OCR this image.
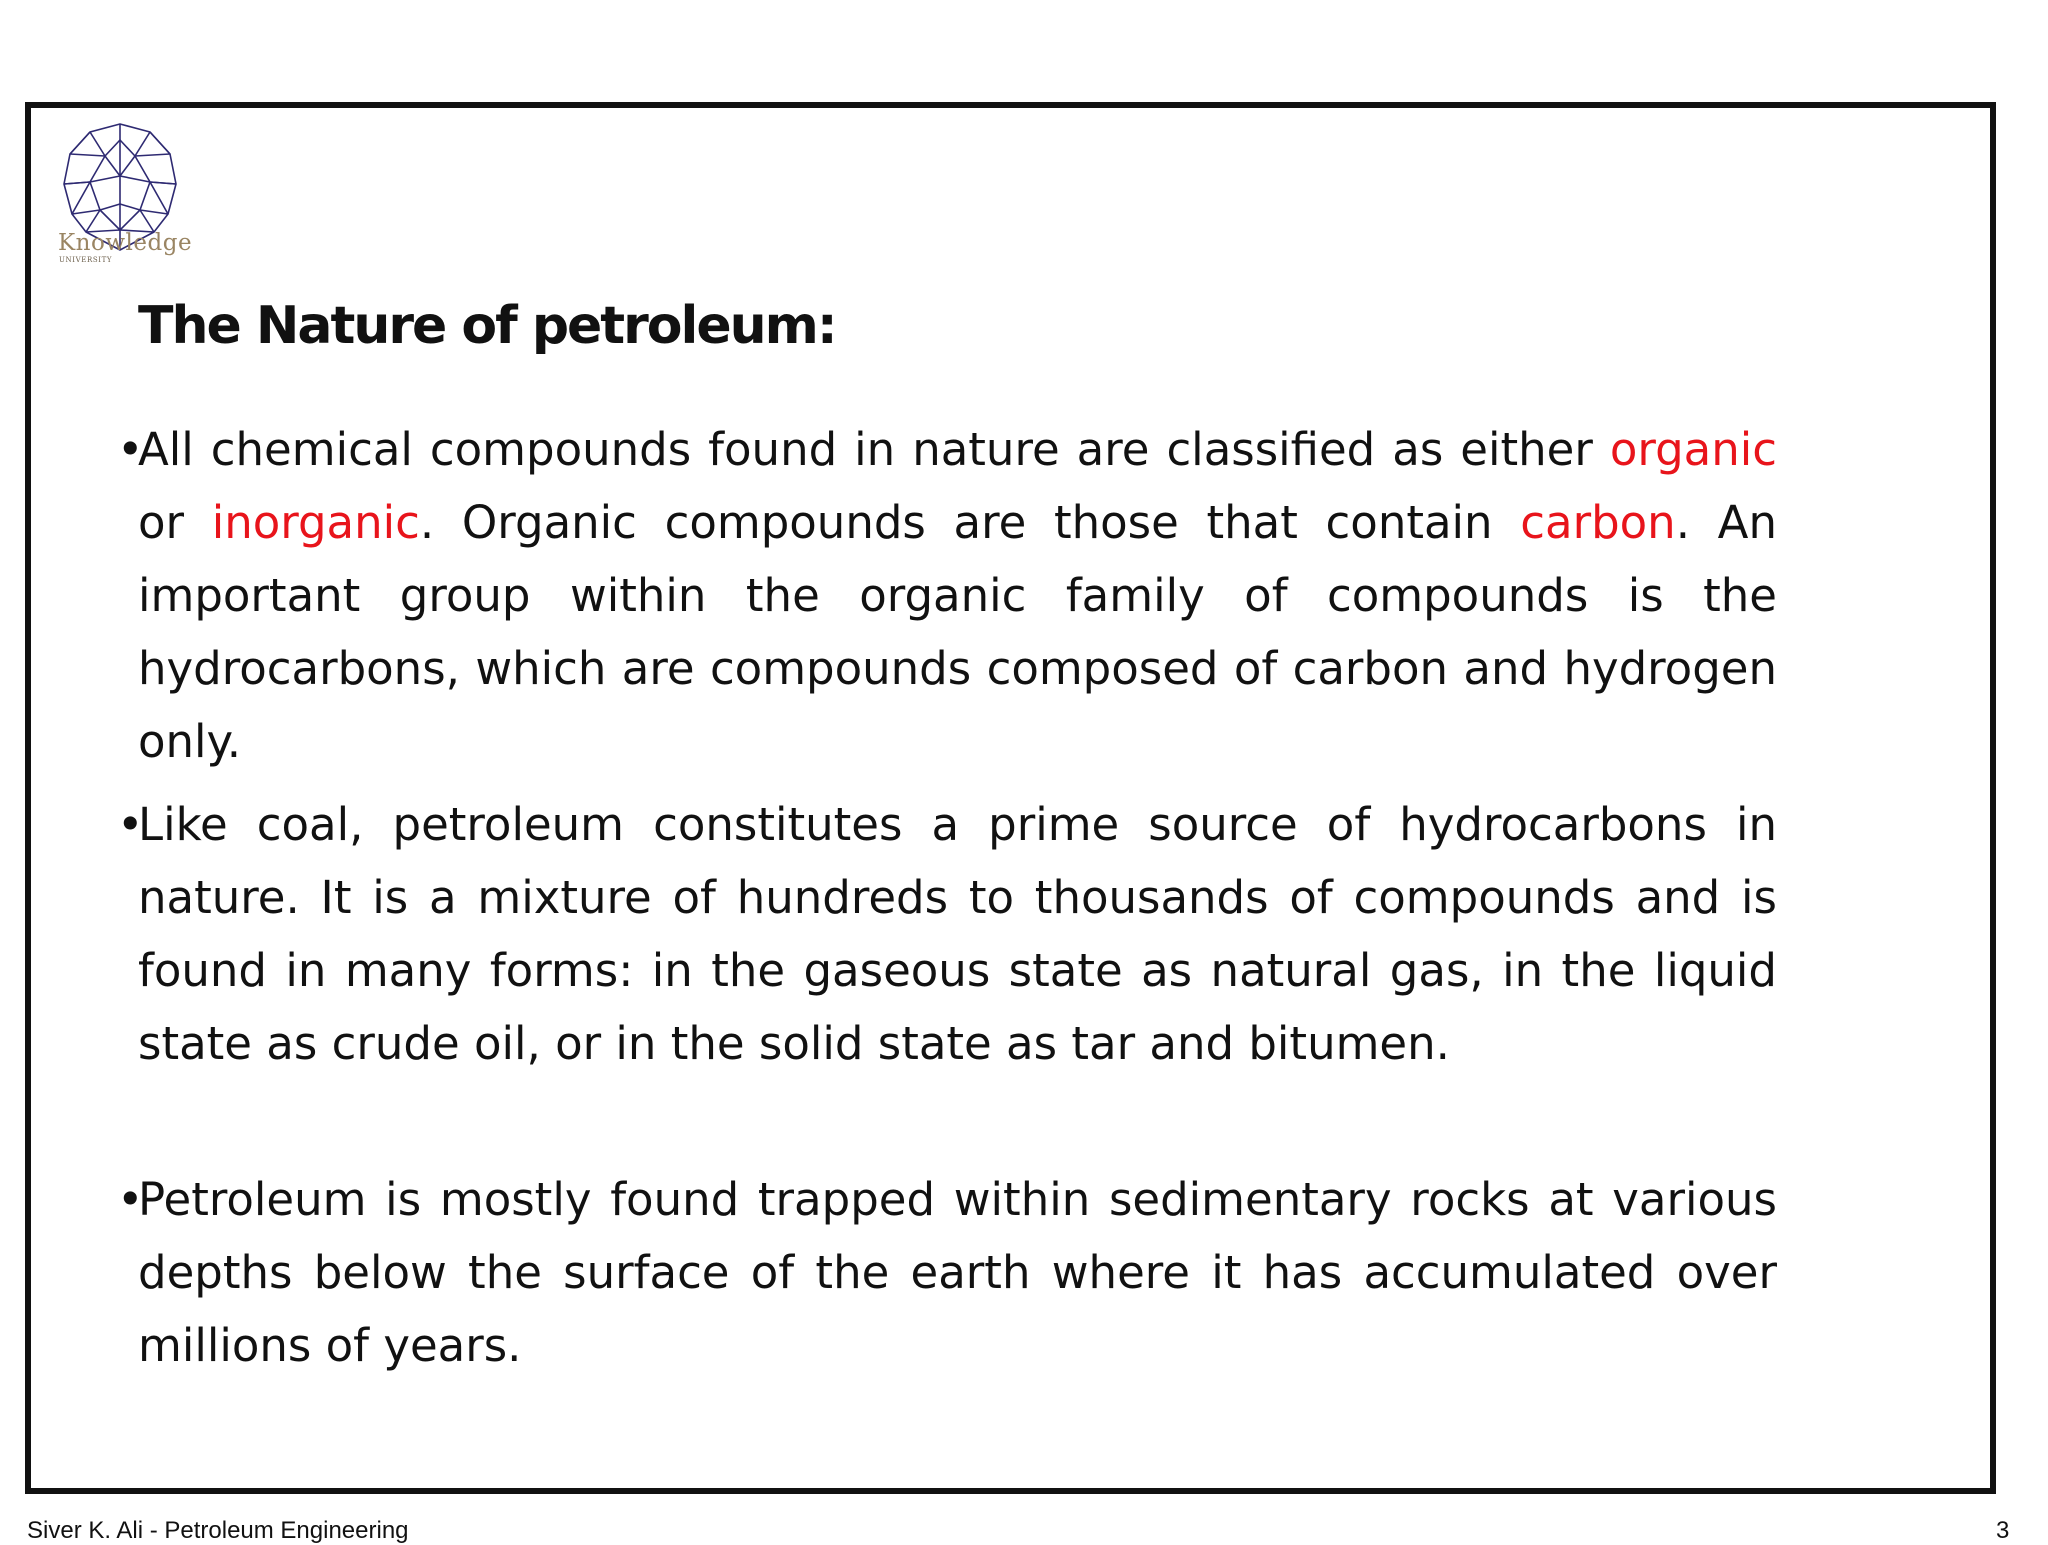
Knowledge
UNIVERSITY
The Nature of petroleum:
•
All chemical compounds found in nature are classified as either organic or inorganic. Organic compounds are those that contain carbon. An important group within the organic family of compounds is the hydrocarbons, which are compounds composed of carbon and hydrogen only.
•
Like coal, petroleum constitutes a prime source of hydrocarbons in nature. It is a mixture of hundreds to thousands of compounds and is found in many forms: in the gaseous state as natural gas, in the liquid state as crude oil, or in the solid state as tar and bitumen.
•
Petroleum is mostly found trapped within sedimentary rocks at various depths below the surface of the earth where it has accumulated over millions of years.
Siver K. Ali - Petroleum Engineering	3
